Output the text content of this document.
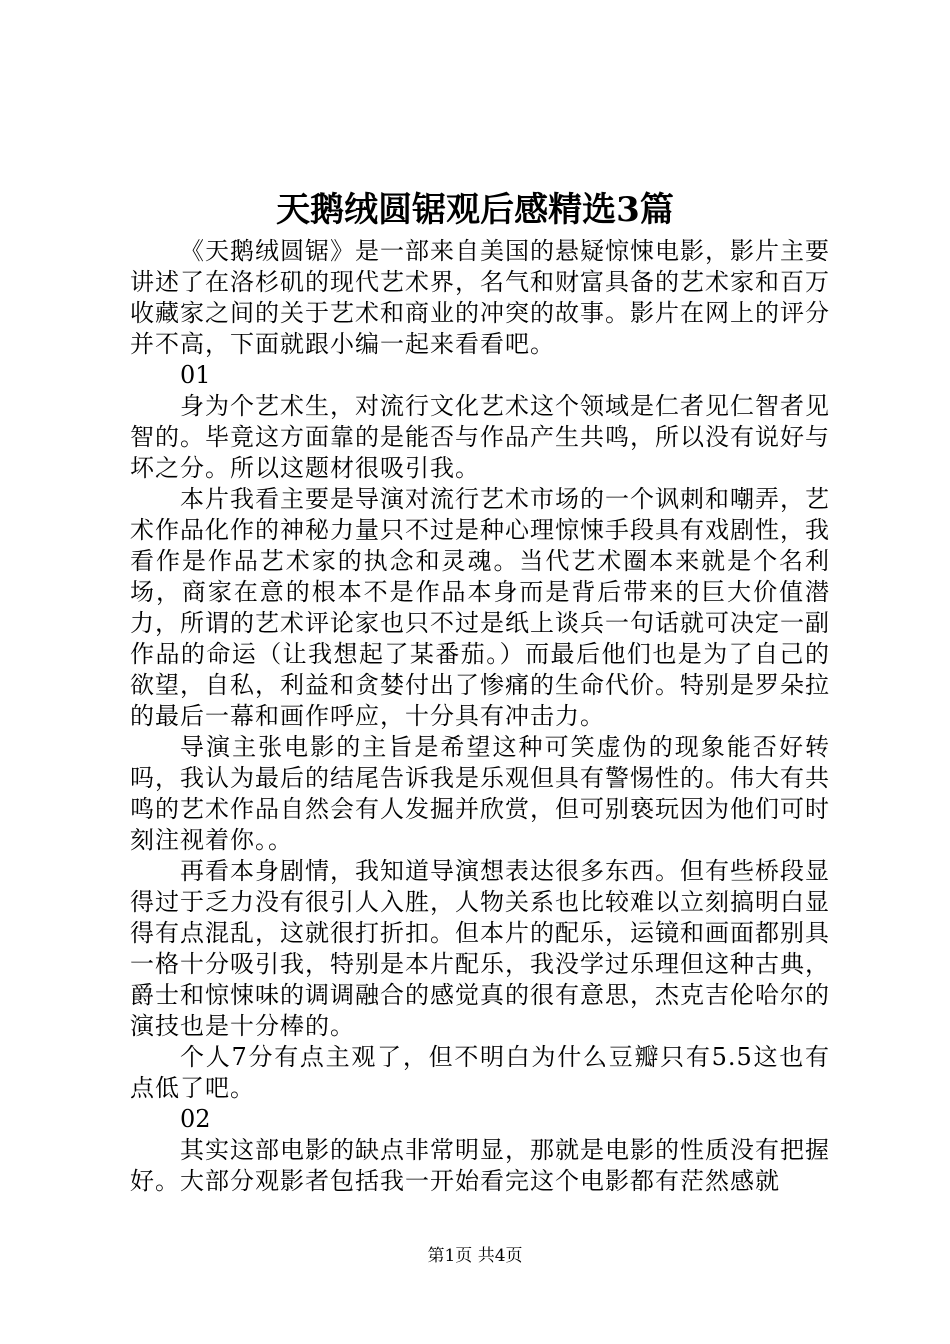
天鹅绒圆锯观后感精选3篇

《天鹅绒圆锯》是一部来自美国的悬疑惊悚电影，影片主要讲述了在洛杉矶的现代艺术界，名气和财富具备的艺术家和百万收藏家之间的关于艺术和商业的冲突的故事。影片在网上的评分并不高，下面就跟小编一起来看看吧。

01

身为个艺术生，对流行文化艺术这个领域是仁者见仁智者见智的。毕竟这方面靠的是能否与作品产生共鸣，所以没有说好与坏之分。所以这题材很吸引我。

本片我看主要是导演对流行艺术市场的一个讽刺和嘲弄，艺术作品化作的神秘力量只不过是种心理惊悚手段具有戏剧性，我看作是作品艺术家的执念和灵魂。当代艺术圈本来就是个名利场，商家在意的根本不是作品本身而是背后带来的巨大价值潜力，所谓的艺术评论家也只不过是纸上谈兵一句话就可决定一副作品的命运（让我想起了某番茄。）而最后他们也是为了自己的欲望，自私，利益和贪婪付出了惨痛的生命代价。特别是罗朵拉的最后一幕和画作呼应，十分具有冲击力。

导演主张电影的主旨是希望这种可笑虚伪的现象能否好转吗，我认为最后的结尾告诉我是乐观但具有警惕性的。伟大有共鸣的艺术作品自然会有人发掘并欣赏，但可别亵玩因为他们可时刻注视着你。。

再看本身剧情，我知道导演想表达很多东西。但有些桥段显得过于乏力没有很引人入胜，人物关系也比较难以立刻搞明白显得有点混乱，这就很打折扣。但本片的配乐，运镜和画面都别具一格十分吸引我，特别是本片配乐，我没学过乐理但这种古典，爵士和惊悚味的调调融合的感觉真的很有意思，杰克吉伦哈尔的演技也是十分棒的。

个人7分有点主观了，但不明白为什么豆瓣只有5.5这也有点低了吧。

02

其实这部电影的缺点非常明显，那就是电影的性质没有把握好。大部分观影者包括我一开始看完这个电影都有茫然感就

第1页 共4页
